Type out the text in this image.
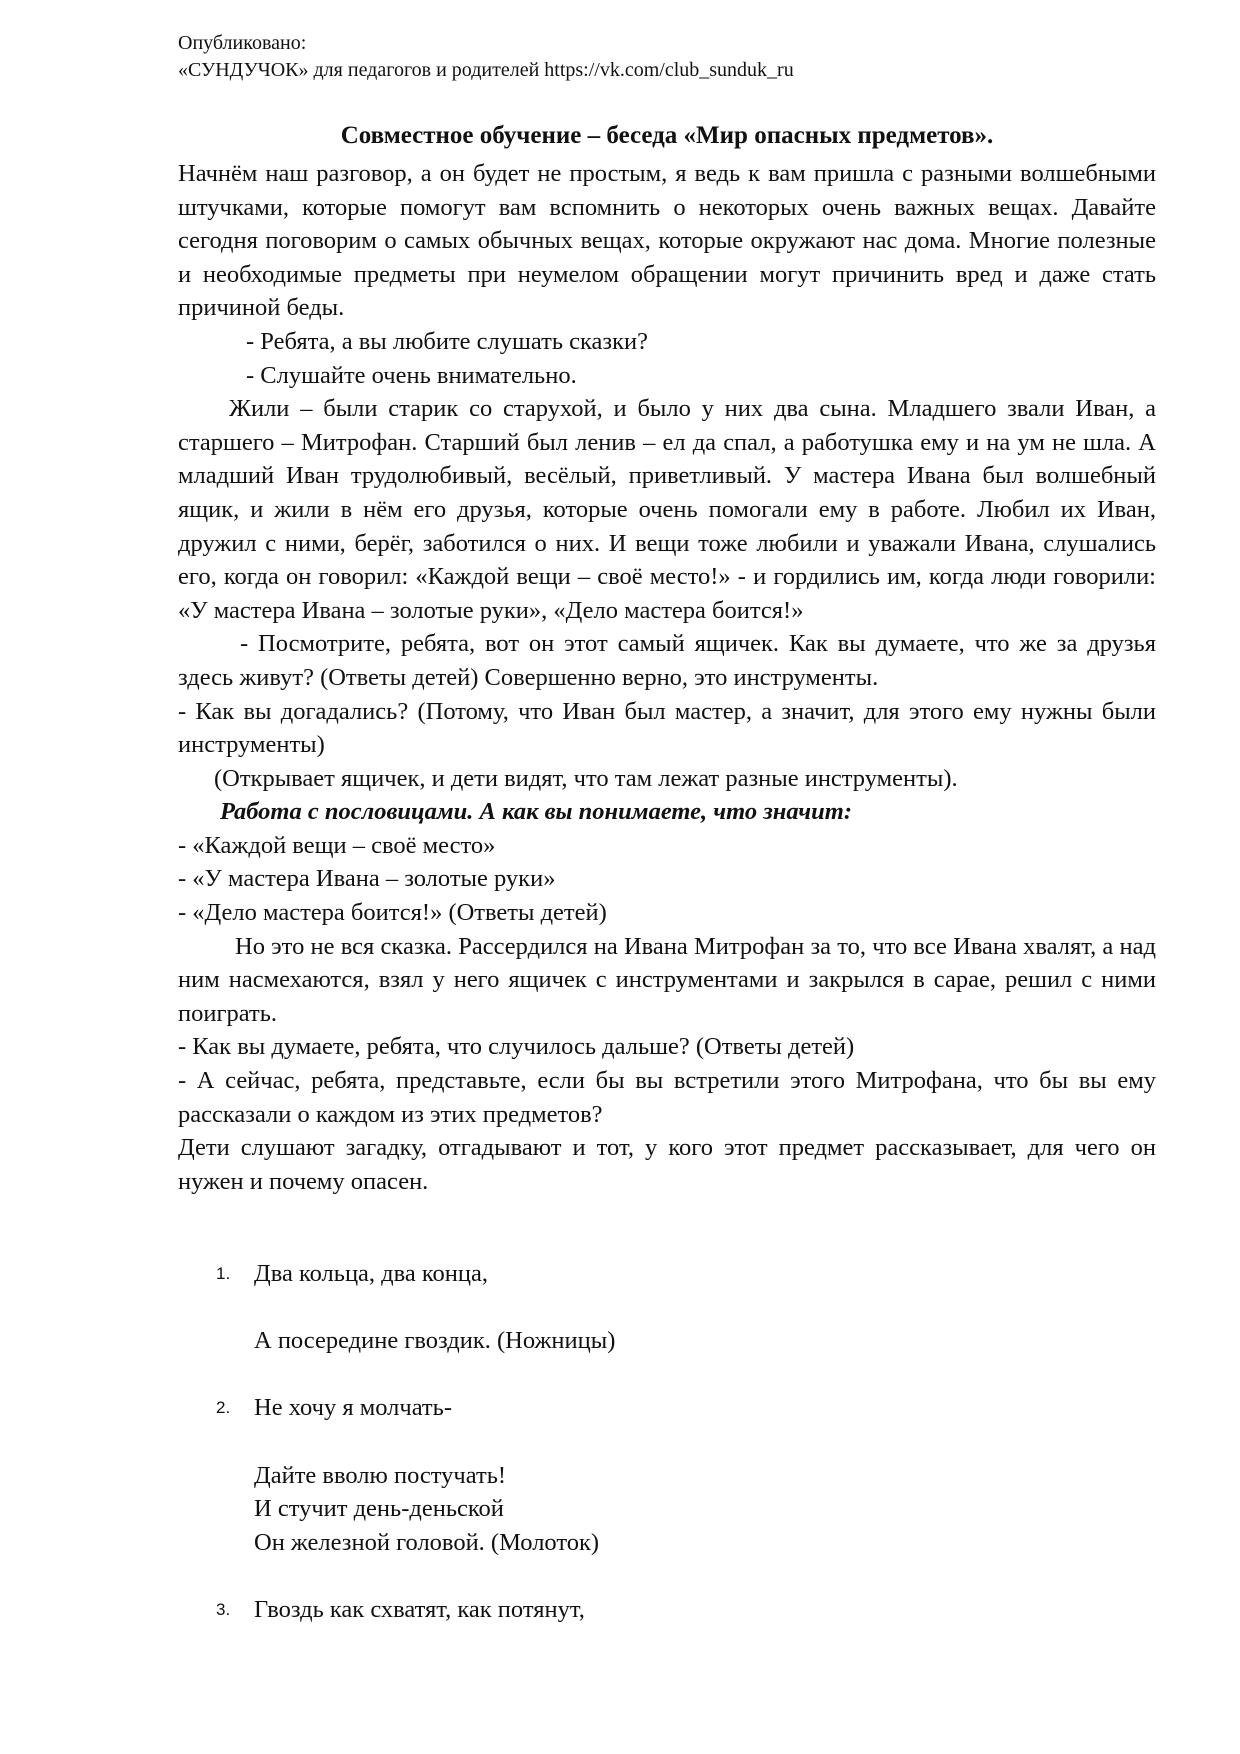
Опубликовано:
«СУНДУЧОК» для педагогов и родителей https://vk.com/club_sunduk_ru
Совместное обучение – беседа «Мир опасных предметов».

Начнём наш разговор, а он будет не простым, я ведь к вам пришла с разными волшебными штучками, которые помогут вам вспомнить о некоторых очень важных вещах. Давайте сегодня поговорим о самых обычных вещах, которые окружают нас дома. Многие полезные и необходимые предметы при неумелом обращении могут причинить вред и даже стать причиной беды.

- Ребята, а вы любите слушать сказки?

- Слушайте очень внимательно.

Жили – были старик со старухой, и было у них два сына. Младшего звали Иван, а старшего – Митрофан. Старший был ленив – ел да спал, а работушка ему и на ум не шла. А младший Иван трудолюбивый, весёлый, приветливый. У мастера Ивана был волшебный ящик, и жили в нём его друзья, которые очень помогали ему в работе. Любил их Иван, дружил с ними, берёг, заботился о них. И вещи тоже любили и уважали Ивана, слушались его, когда он говорил: «Каждой вещи – своё место!» - и гордились им, когда люди говорили: «У мастера Ивана – золотые руки», «Дело мастера боится!»

- Посмотрите, ребята, вот он этот самый ящичек. Как вы думаете, что же за друзья здесь живут? (Ответы детей) Совершенно верно, это инструменты.

- Как вы догадались? (Потому, что Иван был мастер, а значит, для этого ему нужны были инструменты)

(Открывает ящичек, и дети видят, что там лежат разные инструменты).

Работа с пословицами. А как вы понимаете, что значит:

- «Каждой вещи – своё место»

- «У мастера Ивана – золотые руки»

- «Дело мастера боится!» (Ответы детей)

Но это не вся сказка. Рассердился на Ивана Митрофан за то, что все Ивана хвалят, а над ним насмехаются, взял у него ящичек с инструментами и закрылся в сарае, решил с ними поиграть.

- Как вы думаете, ребята, что случилось дальше? (Ответы детей)

- А сейчас, ребята, представьте, если бы вы встретили этого Митрофана, что бы вы ему рассказали о каждом из этих предметов?

Дети слушают загадку, отгадывают и тот, у кого этот предмет рассказывает, для чего он нужен и почему опасен.

1. Два кольца, два конца,

А посередине гвоздик. (Ножницы)

2. Не хочу я молчать-

Дайте вволю постучать!

И стучит день-деньской

Он железной головой. (Молоток)

3. Гвоздь как схватят, как потянут,
